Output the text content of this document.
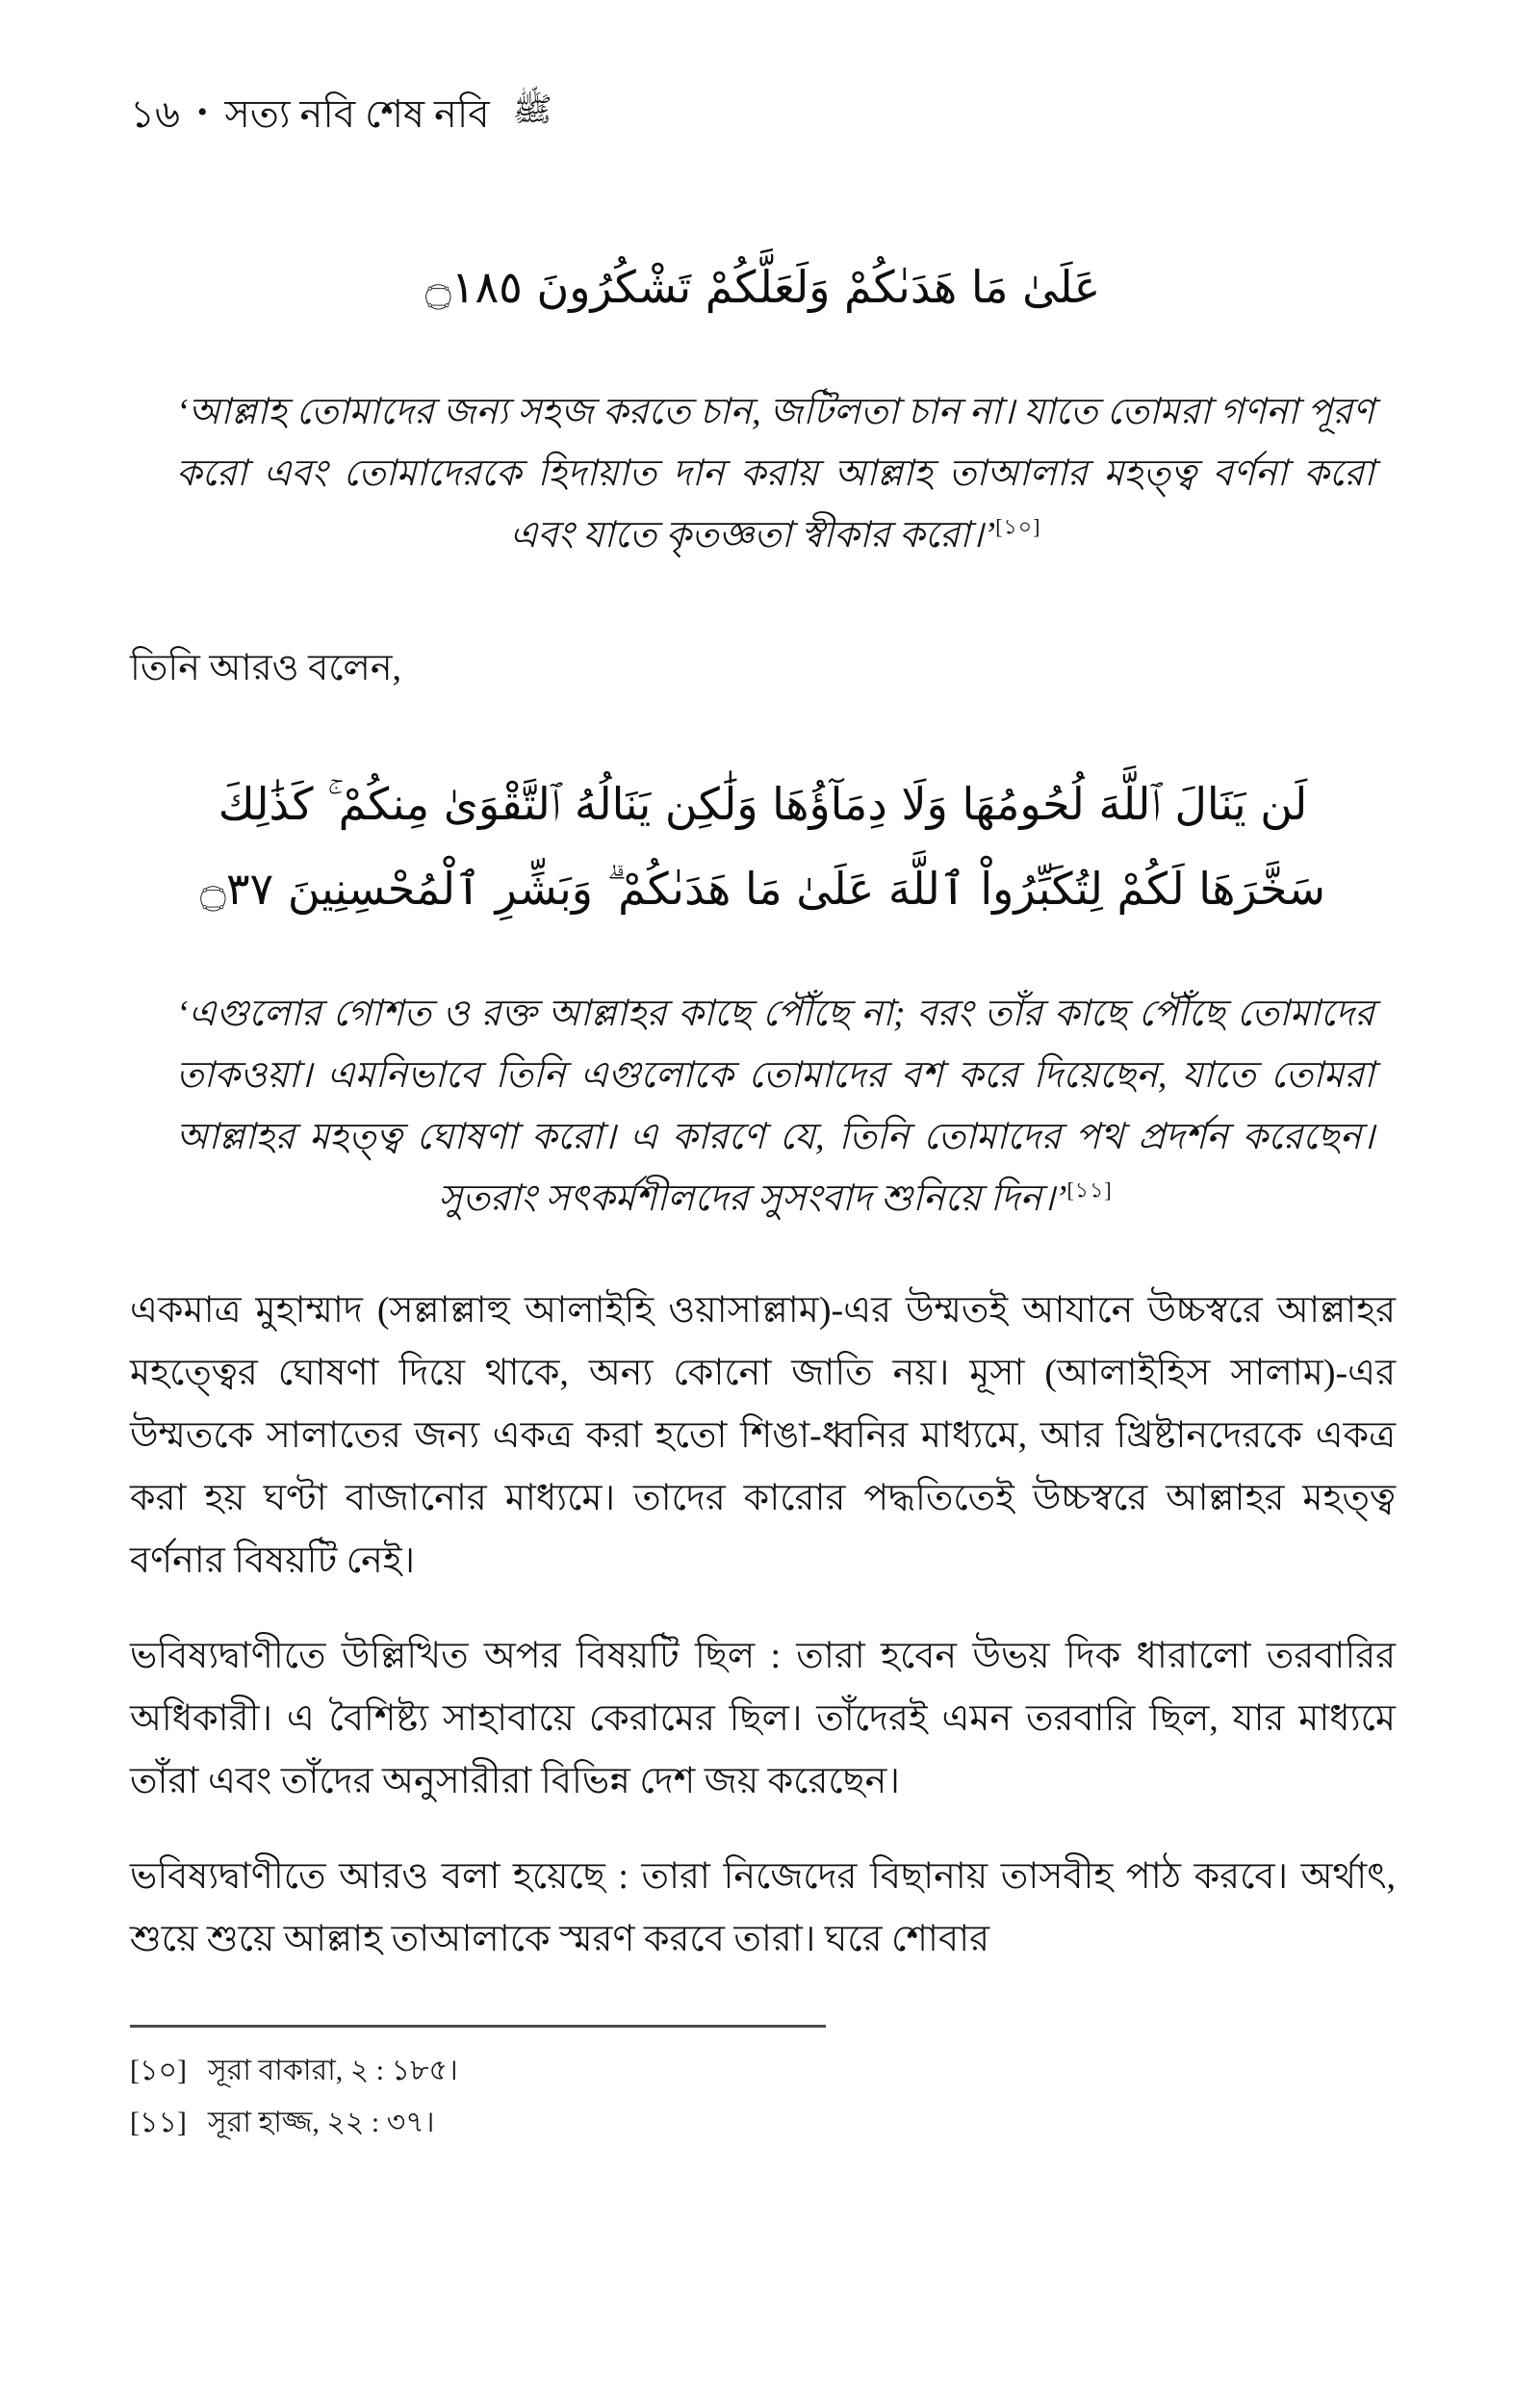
১৬ • সত্য নবি শেষ নবি ﷺ
عَلَىٰ مَا هَدَىٰكُمْ وَلَعَلَّكُمْ تَشْكُرُونَ ۝١٨٥
‘আল্লাহ তোমাদের জন্য সহজ করতে চান, জটিলতা চান না। যাতে তোমরা গণনা পূরণ করো এবং তোমাদেরকে হিদায়াত দান করায় আল্লাহ তাআলার মহত্ত্ব বর্ণনা করো এবং যাতে কৃতজ্ঞতা স্বীকার করো।’[১০]

তিনি আরও বলেন,

لَن يَنَالَ ٱللَّهَ لُحُومُهَا وَلَا دِمَآؤُهَا وَلَٰكِن يَنَالُهُ ٱلتَّقْوَىٰ مِنكُمْ ۚ كَذَٰلِكَ
سَخَّرَهَا لَكُمْ لِتُكَبِّرُواْ ٱللَّهَ عَلَىٰ مَا هَدَىٰكُمْ ۗ وَبَشِّرِ ٱلْمُحْسِنِينَ ۝٣٧
‘এগুলোর গোশত ও রক্ত আল্লাহর কাছে পৌঁছে না; বরং তাঁর কাছে পৌঁছে তোমাদের তাকওয়া। এমনিভাবে তিনি এগুলোকে তোমাদের বশ করে দিয়েছেন, যাতে তোমরা আল্লাহর মহত্ত্ব ঘোষণা করো। এ কারণে যে, তিনি তোমাদের পথ প্রদর্শন করেছেন। সুতরাং সৎকর্মশীলদের সুসংবাদ শুনিয়ে দিন।’[১১]

একমাত্র মুহাম্মাদ (সল্লাল্লাহু আলাইহি ওয়াসাল্লাম)-এর উম্মতই আযানে উচ্চস্বরে আল্লাহর মহত্ত্বের ঘোষণা দিয়ে থাকে, অন্য কোনো জাতি নয়। মূসা (আলাইহিস সালাম)-এর উম্মতকে সালাতের জন্য একত্র করা হতো শিঙা-ধ্বনির মাধ্যমে, আর খ্রিষ্টানদেরকে একত্র করা হয় ঘণ্টা বাজানোর মাধ্যমে। তাদের কারোর পদ্ধতিতেই উচ্চস্বরে আল্লাহর মহত্ত্ব বর্ণনার বিষয়টি নেই।

ভবিষ্যদ্বাণীতে উল্লিখিত অপর বিষয়টি ছিল : তারা হবেন উভয় দিক ধারালো তরবারির অধিকারী। এ বৈশিষ্ট্য সাহাবায়ে কেরামের ছিল। তাঁদেরই এমন তরবারি ছিল, যার মাধ্যমে তাঁরা এবং তাঁদের অনুসারীরা বিভিন্ন দেশ জয় করেছেন।

ভবিষ্যদ্বাণীতে আরও বলা হয়েছে : তারা নিজেদের বিছানায় তাসবীহ পাঠ করবে। অর্থাৎ, শুয়ে শুয়ে আল্লাহ তাআলাকে স্মরণ করবে তারা। ঘরে শোবার

[১০] সূরা বাকারা, ২ : ১৮৫।
[১১] সূরা হাজ্জ, ২২ : ৩৭।
